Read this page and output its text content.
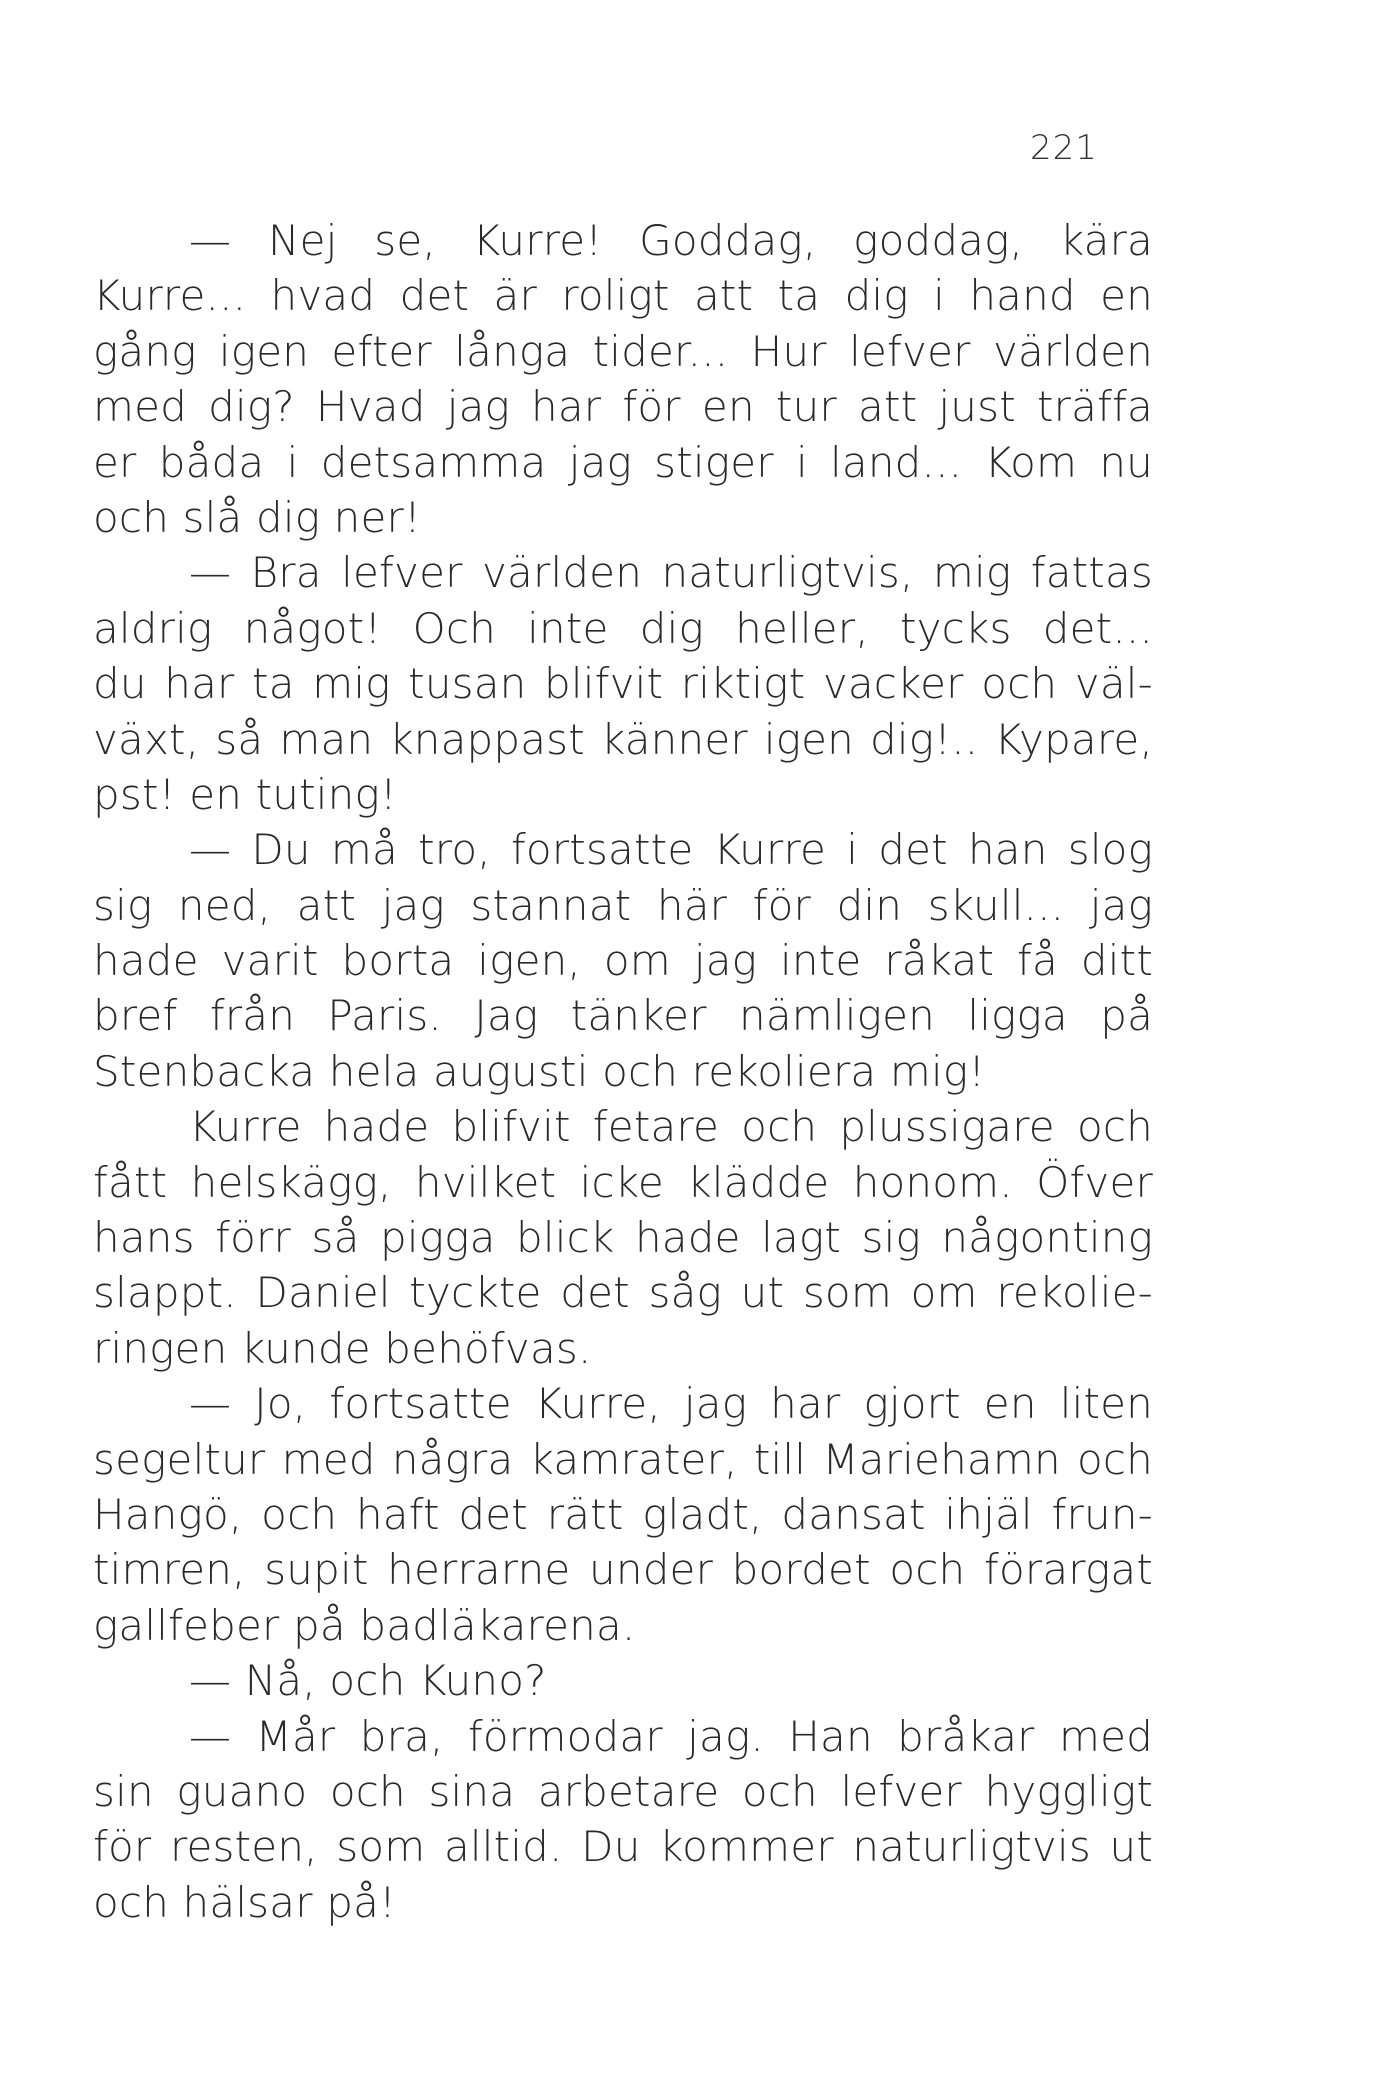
221
— Nej se, Kurre! Goddag, goddag, kära
Kurre... hvad det är roligt att ta dig i hand en
gång igen efter långa tider... Hur lefver världen
med dig? Hvad jag har för en tur att just träffa
er båda i detsamma jag stiger i land... Kom nu
och slå dig ner!
— Bra lefver världen naturligtvis, mig fattas
aldrig något! Och inte dig heller, tycks det...
du har ta mig tusan blifvit riktigt vacker och väl-
växt, så man knappast känner igen dig!.. Kypare,
pst! en tuting!
— Du må tro, fortsatte Kurre i det han slog
sig ned, att jag stannat här för din skull... jag
hade varit borta igen, om jag inte råkat få ditt
bref från Paris. Jag tänker nämligen ligga på
Stenbacka hela augusti och rekoliera mig!
Kurre hade blifvit fetare och plussigare och
fått helskägg, hvilket icke klädde honom. Öfver
hans förr så pigga blick hade lagt sig någonting
slappt. Daniel tyckte det såg ut som om rekolie-
ringen kunde behöfvas.
— Jo, fortsatte Kurre, jag har gjort en liten
segeltur med några kamrater, till Mariehamn och
Hangö, och haft det rätt gladt, dansat ihjäl frun-
timren, supit herrarne under bordet och förargat
gallfeber på badläkarena.
— Nå, och Kuno?
— Mår bra, förmodar jag. Han bråkar med
sin guano och sina arbetare och lefver hyggligt
för resten, som alltid. Du kommer naturligtvis ut
och hälsar på!
